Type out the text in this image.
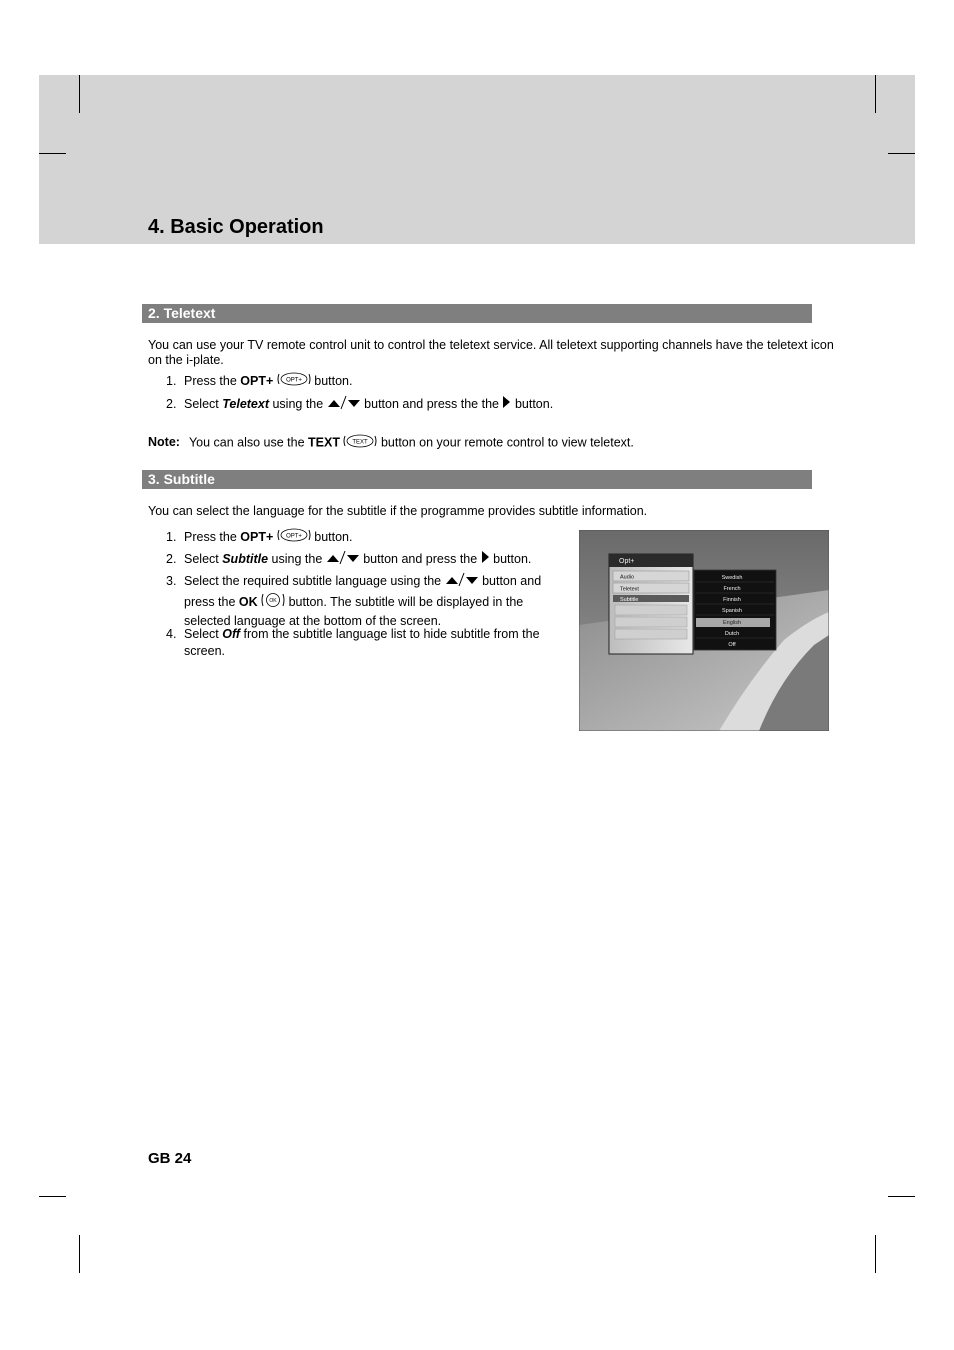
4. Basic Operation
2. Teletext
You can use your TV remote control unit to control the teletext service. All teletext supporting channels have the teletext icon on the i-plate.
1. Press the OPT+ OPT+ button.
2. Select Teletext using the	button and press the the  button.
Note: You can also use the TEXT TEXT button on your remote control to view teletext.
3. Subtitle
You can select the language for the subtitle if the programme provides subtitle information.
1. Press the OPT+ OPT+ button.
2. Select Subtitle using the	button and press the  button.
3. Select the required subtitle language using the	button and
press the OK OK button. The subtitle will be displayed in the
selected language at the bottom of the screen.
4. Select Off from the subtitle language list to hide subtitle from the
screen.
Opt+
Audio
Teletext
Subtitle
Swedish
French
Finnish
Spanish
English
Dutch
Off
GB 24
